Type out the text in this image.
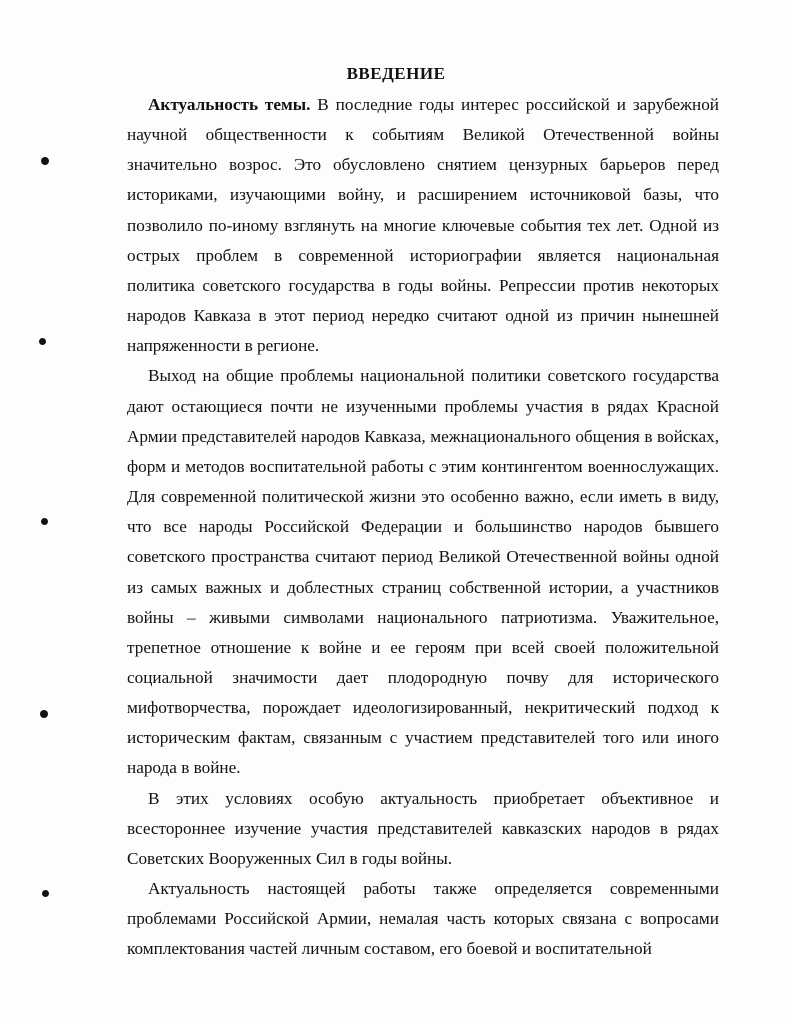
ВВЕДЕНИЕ

Актуальность темы. В последние годы интерес российской и зарубежной научной общественности к событиям Великой Отечественной войны значительно возрос. Это обусловлено снятием цензурных барьеров перед историками, изучающими войну, и расширением источниковой базы, что позволило по-иному взглянуть на многие ключевые события тех лет. Одной из острых проблем в современной историографии является национальная политика советского государства в годы войны. Репрессии против некоторых народов Кавказа в этот период нередко считают одной из причин нынешней напряженности в регионе.

Выход на общие проблемы национальной политики советского государства дают остающиеся почти не изученными проблемы участия в рядах Красной Армии представителей народов Кавказа, межнационального общения в войсках, форм и методов воспитательной работы с этим контингентом военнослужащих. Для современной политической жизни это особенно важно, если иметь в виду, что все народы Российской Федерации и большинство народов бывшего советского пространства считают период Великой Отечественной войны одной из самых важных и доблестных страниц собственной истории, а участников войны – живыми символами национального патриотизма. Уважительное, трепетное отношение к войне и ее героям при всей своей положительной социальной значимости дает плодородную почву для исторического мифотворчества, порождает идеологизированный, некритический подход к историческим фактам, связанным с участием представителей того или иного народа в войне.

В этих условиях особую актуальность приобретает объективное и всестороннее изучение участия представителей кавказских народов в рядах Советских Вооруженных Сил в годы войны.

Актуальность настоящей работы также определяется современными проблемами Российской Армии, немалая часть которых связана с вопросами комплектования частей личным составом, его боевой и воспитательной
